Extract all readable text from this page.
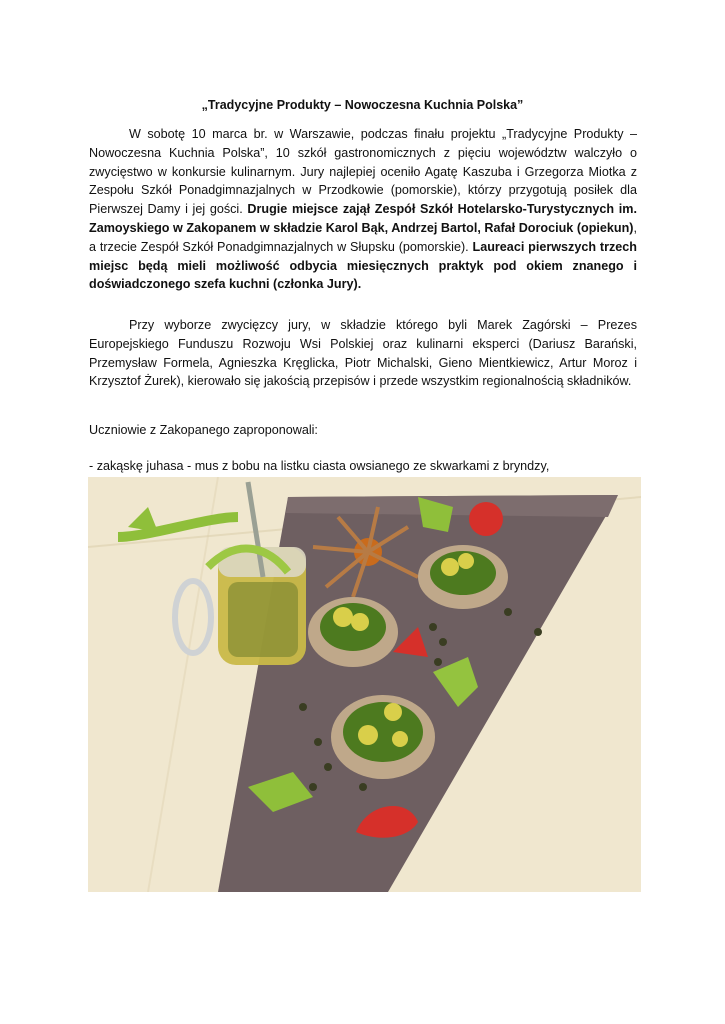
„Tradycyjne Produkty – Nowoczesna Kuchnia Polska”
W sobotę 10 marca br. w Warszawie, podczas finału projektu „Tradycyjne Produkty – Nowoczesna Kuchnia Polska”, 10 szkół gastronomicznych z pięciu województw walczyło o zwycięstwo w konkursie kulinarnym. Jury najlepiej oceniło Agatę Kaszuba i Grzegorza Miotka z Zespołu Szkół Ponadgimnazjalnych w Przodkowie (pomorskie), którzy przygotują posiłek dla Pierwszej Damy i jej gości. Drugie miejsce zajął Zespół Szkół Hotelarsko-Turystycznych im. Zamoyskiego w Zakopanem w składzie Karol Bąk, Andrzej Bartol, Rafał Dorociuk (opiekun), a trzecie Zespół Szkół Ponadgimnazjalnych w Słupsku (pomorskie). Laureaci pierwszych trzech miejsc będą mieli możliwość odbycia miesięcznych praktyk pod okiem znanego i doświadczonego szefa kuchni (członka Jury).
Przy wyborze zwycięzcy jury, w składzie którego byli Marek Zagórski – Prezes Europejskiego Funduszu Rozwoju Wsi Polskiej oraz kulinarni eksperci (Dariusz Barański, Przemysław Formela, Agnieszka Kręglicka, Piotr Michalski, Gieno Mientkiewicz, Artur Moroz i Krzysztof Żurek), kierowało się jakością przepisów i przede wszystkim regionalnością składników.
Uczniowie z Zakopanego zaproponowali:
- zakąskę juhasa - mus z bobu na listku ciasta owsianego ze skwarkami z bryndzy,
